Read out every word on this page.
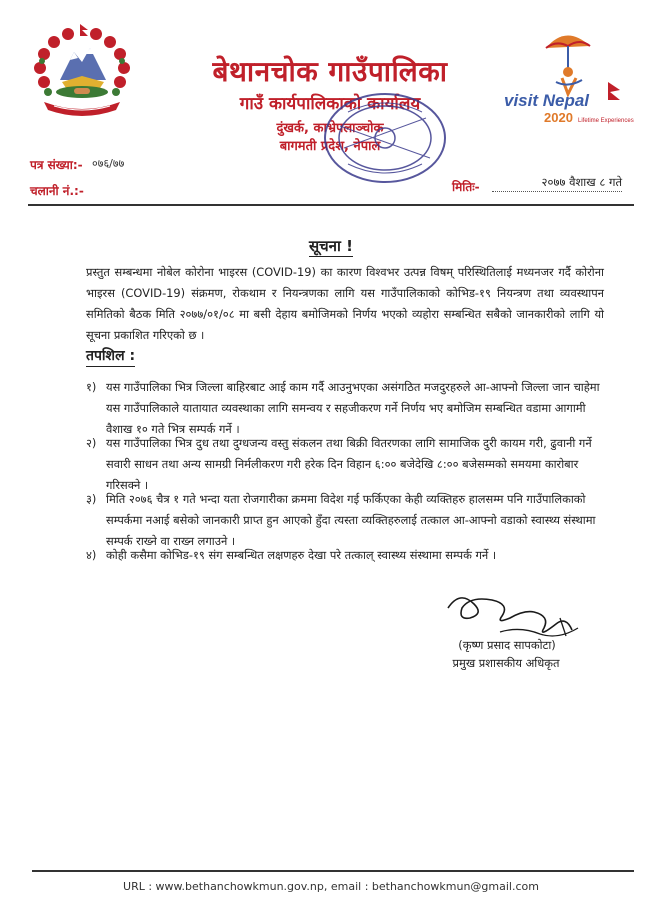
बेथानचोक गाउँपालिका
गाउँ कार्यपालिकाको कार्यालय
दुंखर्क, काभ्रेपलाञ्चोक
बागमती प्रदेश, नेपाल
visit Nepal
2020 Lifetime Experiences
पत्र संख्या:- ०७६/७७
चलानी नं.:-	मितिः-	२०७७ वैशाख ८ गते
सूचना !
प्रस्तुत सम्बन्धमा नोबेल कोरोना भाइरस (COVID-19) का कारण विश्वभर उत्पन्न विषम् परिस्थितिलाई मध्यनजर गर्दै कोरोना भाइरस (COVID-19) संक्रमण, रोकथाम र नियन्त्रणका लागि यस गाउँपालिकाको कोभिड-१९ नियन्त्रण तथा व्यवस्थापन समितिको बैठक मिति २०७७/०१/०८ मा बसी देहाय बमोजिमको निर्णय भएको व्यहोरा सम्बन्धित सबैको जानकारीको लागि यो सूचना प्रकाशित गरिएको छ ।
तपशिल :
१) यस गाउँपालिका भित्र जिल्ला बाहिरबाट आई काम गर्दै आउनुभएका असंगठित मजदुरहरुले आ-आफ्नो जिल्ला जान चाहेमा यस गाउँपालिकाले यातायात व्यवस्थाका लागि समन्वय र सहजीकरण गर्ने निर्णय भए बमोजिम सम्बन्धित वडामा आगामी वैशाख १० गते भित्र सम्पर्क गर्ने ।
२) यस गाउँपालिका भित्र दुध तथा दुग्धजन्य वस्तु संकलन तथा बिक्री वितरणका लागि सामाजिक दुरी कायम गरी, ढुवानी गर्ने सवारी साधन तथा अन्य सामग्री निर्मलीकरण गरी हरेक दिन विहान ६:०० बजेदेखि ८:०० बजेसम्मको समयमा कारोबार गरिसक्ने ।
३) मिति २०७६ चैत्र १ गते भन्दा यता रोजगारीका क्रममा विदेश गई फर्किएका केही व्यक्तिहरु हालसम्म पनि गाउँपालिकाको सम्पर्कमा नआई बसेको जानकारी प्राप्त हुन आएको हुँदा त्यस्ता व्यक्तिहरुलाई तत्काल आ-आफ्नो वडाको स्वास्थ्य संस्थामा सम्पर्क राख्ने वा राख्न लगाउने ।
४) कोही कसैमा कोभिड-१९ संग सम्बन्धित लक्षणहरु देखा परे तत्काल् स्वास्थ्य संस्थामा सम्पर्क गर्ने ।
(कृष्ण प्रसाद सापकोटा)
प्रमुख प्रशासकीय अधिकृत
URL : www.bethanchowkmun.gov.np, email : bethanchowkmun@gmail.com
